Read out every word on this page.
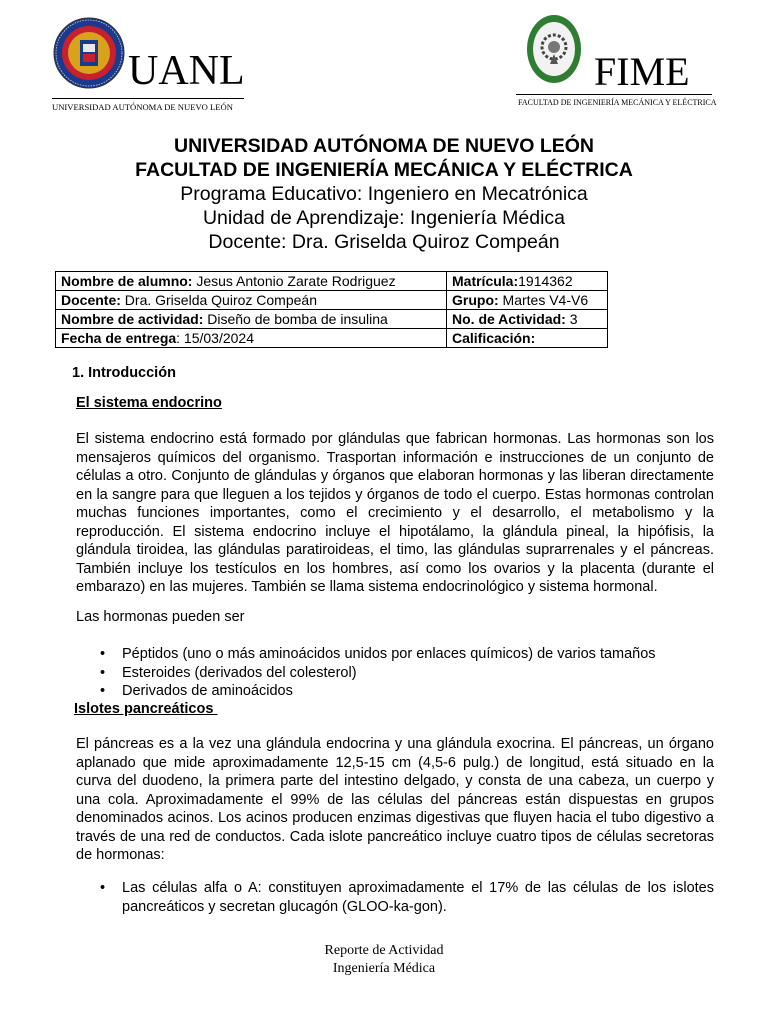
UANL
UNIVERSIDAD AUTÓNOMA DE NUEVO LEÓN
FIME
FACULTAD DE INGENIERÍA MECÁNICA Y ELÉCTRICA
UNIVERSIDAD AUTÓNOMA DE NUEVO LEÓN
FACULTAD DE INGENIERÍA MECÁNICA Y ELÉCTRICA
Programa Educativo: Ingeniero en Mecatrónica
Unidad de Aprendizaje: Ingeniería Médica
Docente: Dra. Griselda Quiroz Compeán
Nombre de alumno: Jesus Antonio Zarate Rodriguez	Matrícula:1914362
Docente: Dra. Griselda Quiroz Compeán	Grupo: Martes V4-V6
Nombre de actividad: Diseño de bomba de insulina	No. de Actividad: 3
Fecha de entrega: 15/03/2024	Calificación:
1. Introducción
El sistema endocrino
El sistema endocrino está formado por glándulas que fabrican hormonas. Las hormonas son los mensajeros químicos del organismo. Trasportan información e instrucciones de un conjunto de células a otro. Conjunto de glándulas y órganos que elaboran hormonas y las liberan directamente en la sangre para que lleguen a los tejidos y órganos de todo el cuerpo. Estas hormonas controlan muchas funciones importantes, como el crecimiento y el desarrollo, el metabolismo y la reproducción. El sistema endocrino incluye el hipotálamo, la glándula pineal, la hipófisis, la glándula tiroidea, las glándulas paratiroideas, el timo, las glándulas suprarrenales y el páncreas. También incluye los testículos en los hombres, así como los ovarios y la placenta (durante el embarazo) en las mujeres. También se llama sistema endocrinológico y sistema hormonal.
Las hormonas pueden ser
• Péptidos (uno o más aminoácidos unidos por enlaces químicos) de varios tamaños
• Esteroides (derivados del colesterol)
• Derivados de aminoácidos
Islotes pancreáticos
El páncreas es a la vez una glándula endocrina y una glándula exocrina. El páncreas, un órgano aplanado que mide aproximadamente 12,5-15 cm (4,5-6 pulg.) de longitud, está situado en la curva del duodeno, la primera parte del intestino delgado, y consta de una cabeza, un cuerpo y una cola. Aproximadamente el 99% de las células del páncreas están dispuestas en grupos denominados acinos. Los acinos producen enzimas digestivas que fluyen hacia el tubo digestivo a través de una red de conductos. Cada islote pancreático incluye cuatro tipos de células secretoras de hormonas:
• Las células alfa o A: constituyen aproximadamente el 17% de las células de los islotes pancreáticos y secretan glucagón (GLOO-ka-gon).
Reporte de Actividad
Ingeniería Médica
